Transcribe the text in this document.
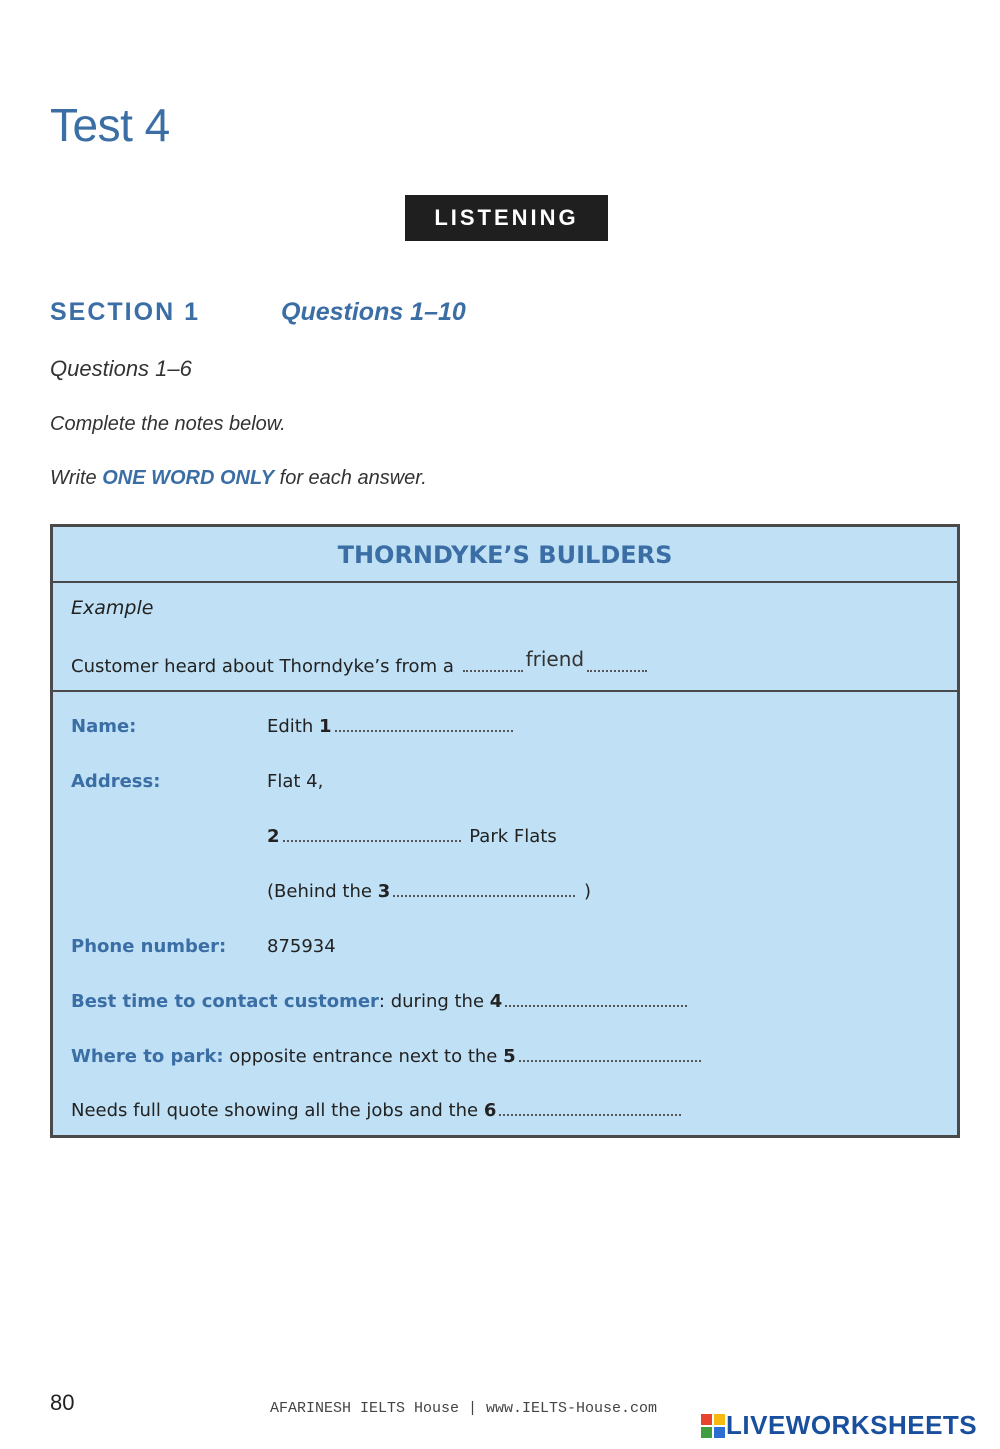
Test 4
LISTENING
SECTION 1	Questions 1–10
Questions 1–6
Complete the notes below.
Write ONE WORD ONLY for each answer.
THORNDYKE’S BUILDERS
Example
Customer heard about Thorndyke’s from a	friend
Name:	Edith 1
Address:	Flat 4,
2	Park Flats
(Behind the 3	)
Phone number: 875934
Best time to contact customer: during the 4
Where to park: opposite entrance next to the 5
Needs full quote showing all the jobs and the 6
80	AFARINESH IELTS House | www.IELTS-House.com
LIVEWORKSHEETS
